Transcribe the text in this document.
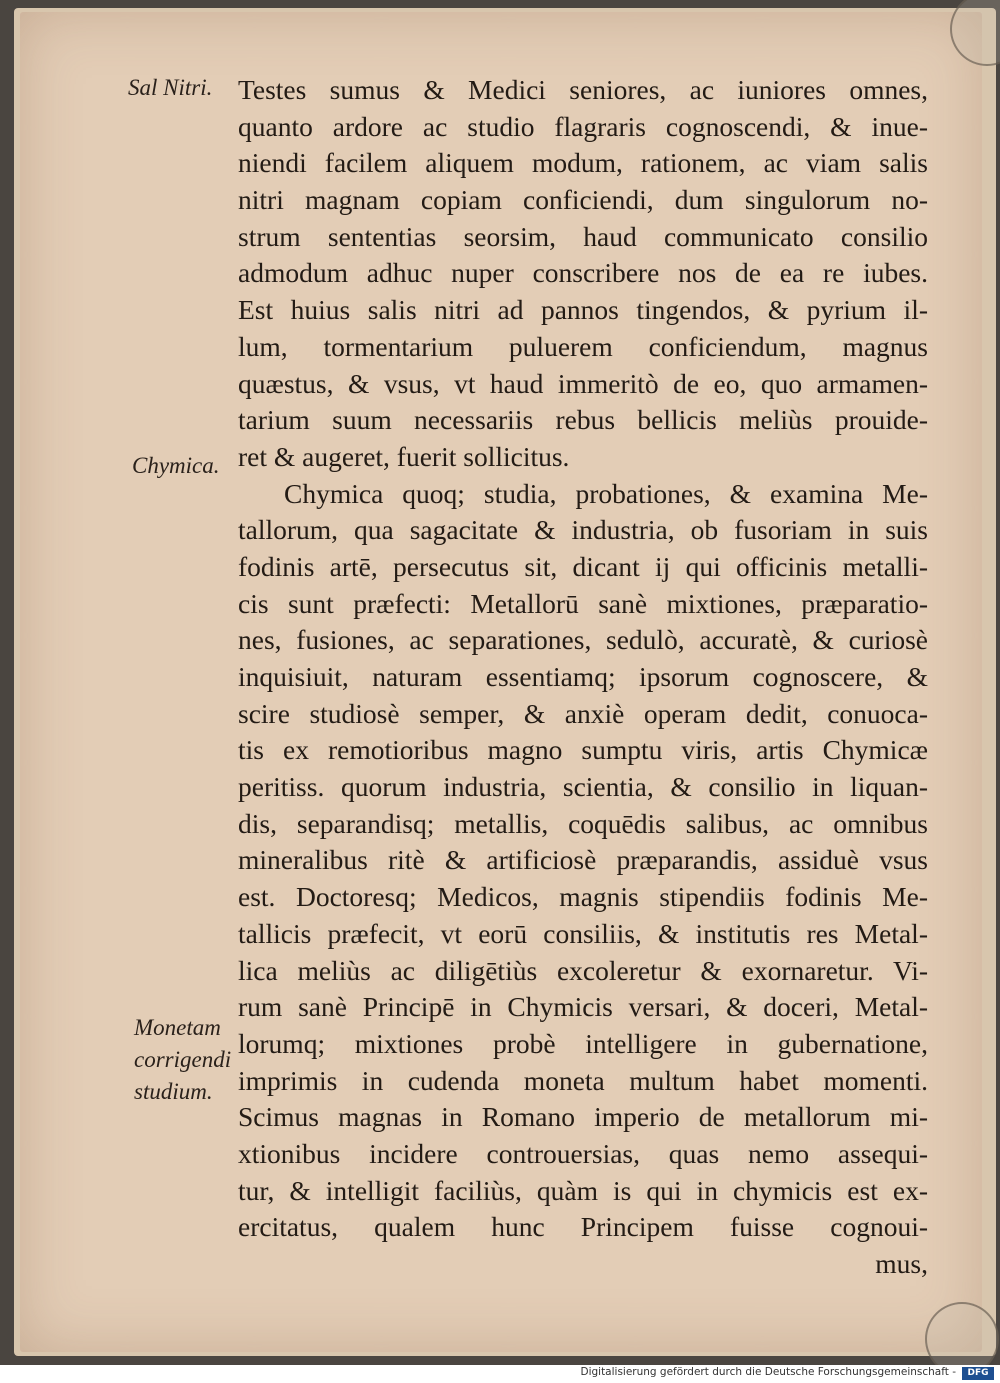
Sal Nitri.
Chymica.
Monetam
corrigendi
studium.
Testes sumus & Medici seniores, ac iuniores omnes,
quanto ardore ac studio flagraris cognoscendi, & inue-
niendi facilem aliquem modum, rationem, ac viam salis
nitri magnam copiam conficiendi, dum singulorum no-
strum sententias seorsim, haud communicato consilio
admodum adhuc nuper conscribere nos de ea re iubes.
Est huius salis nitri ad pannos tingendos, & pyrium il-
lum, tormentarium puluerem conficiendum, magnus
quæstus, & vsus, vt haud immeritò de eo, quo armamen-
tarium suum necessariis rebus bellicis meliùs prouide-
ret & augeret, fuerit sollicitus.
Chymica quoq; studia, probationes, & examina Me-
tallorum, qua sagacitate & industria, ob fusoriam in suis
fodinis artē, persecutus sit, dicant ij qui officinis metalli-
cis sunt præfecti: Metallorū sanè mixtiones, præparatio-
nes, fusiones, ac separationes, sedulò, accuratè, & curiosè
inquisiuit, naturam essentiamq; ipsorum cognoscere, &
scire studiosè semper, & anxiè operam dedit, conuoca-
tis ex remotioribus magno sumptu viris, artis Chymicæ
peritiss. quorum industria, scientia, & consilio in liquan-
dis, separandisq; metallis, coquēdis salibus, ac omnibus
mineralibus ritè & artificiosè præparandis, assiduè vsus
est. Doctoresq; Medicos, magnis stipendiis fodinis Me-
tallicis præfecit, vt eorū consiliis, & institutis res Metal-
lica meliùs ac diligētiùs excoleretur & exornaretur. Vi-
rum sanè Principē in Chymicis versari, & doceri, Metal-
lorumq; mixtiones probè intelligere in gubernatione,
imprimis in cudenda moneta multum habet momenti.
Scimus magnas in Romano imperio de metallorum mi-
xtionibus incidere controuersias, quas nemo assequi-
tur, & intelligit faciliùs, quàm is qui in chymicis est ex-
ercitatus, qualem hunc Principem fuisse cognoui-
mus,
Digitalisierung gefördert durch die Deutsche Forschungsgemeinschaft -	DFG
